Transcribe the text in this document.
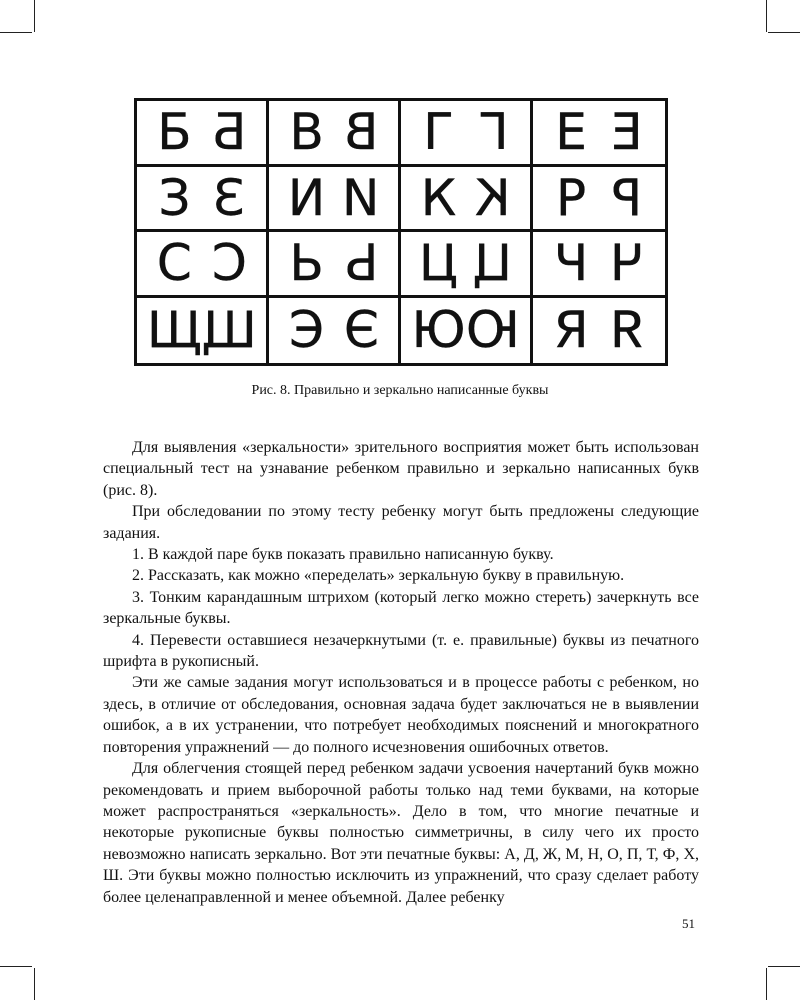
Б Б В В Г Г Е Е
З З И И К К Р Р
С С Ь Ь Ц Ц Ч Ч
Щ Щ Э Э Ю Ю Я Я
Рис. 8. Правильно и зеркально написанные буквы

Для выявления «зеркальности» зрительного восприятия может быть использован специальный тест на узнавание ребенком правильно и зеркально написанных букв (рис. 8).

При обследовании по этому тесту ребенку могут быть предложены следующие задания.

1. В каждой паре букв показать правильно написанную букву.

2. Рассказать, как можно «переделать» зеркальную букву в правильную.

3. Тонким карандашным штрихом (который легко можно стереть) зачеркнуть все зеркальные буквы.

4. Перевести оставшиеся незачеркнутыми (т. е. правильные) буквы из печатного шрифта в рукописный.

Эти же самые задания могут использоваться и в процессе работы с ребенком, но здесь, в отличие от обследования, основная задача будет заключаться не в выявлении ошибок, а в их устранении, что потребует необходимых пояснений и многократного повторения упражнений — до полного исчезновения ошибочных ответов.

Для облегчения стоящей перед ребенком задачи усвоения начертаний букв можно рекомендовать и прием выборочной работы только над теми буквами, на которые может распространяться «зеркальность». Дело в том, что многие печатные и некоторые рукописные буквы полностью симметричны, в силу чего их просто невозможно написать зеркально. Вот эти печатные буквы: А, Д, Ж, М, Н, О, П, Т, Ф, Х, Ш. Эти буквы можно полностью исключить из упражнений, что сразу сделает работу более целенаправленной и менее объемной. Далее ребенку

51
